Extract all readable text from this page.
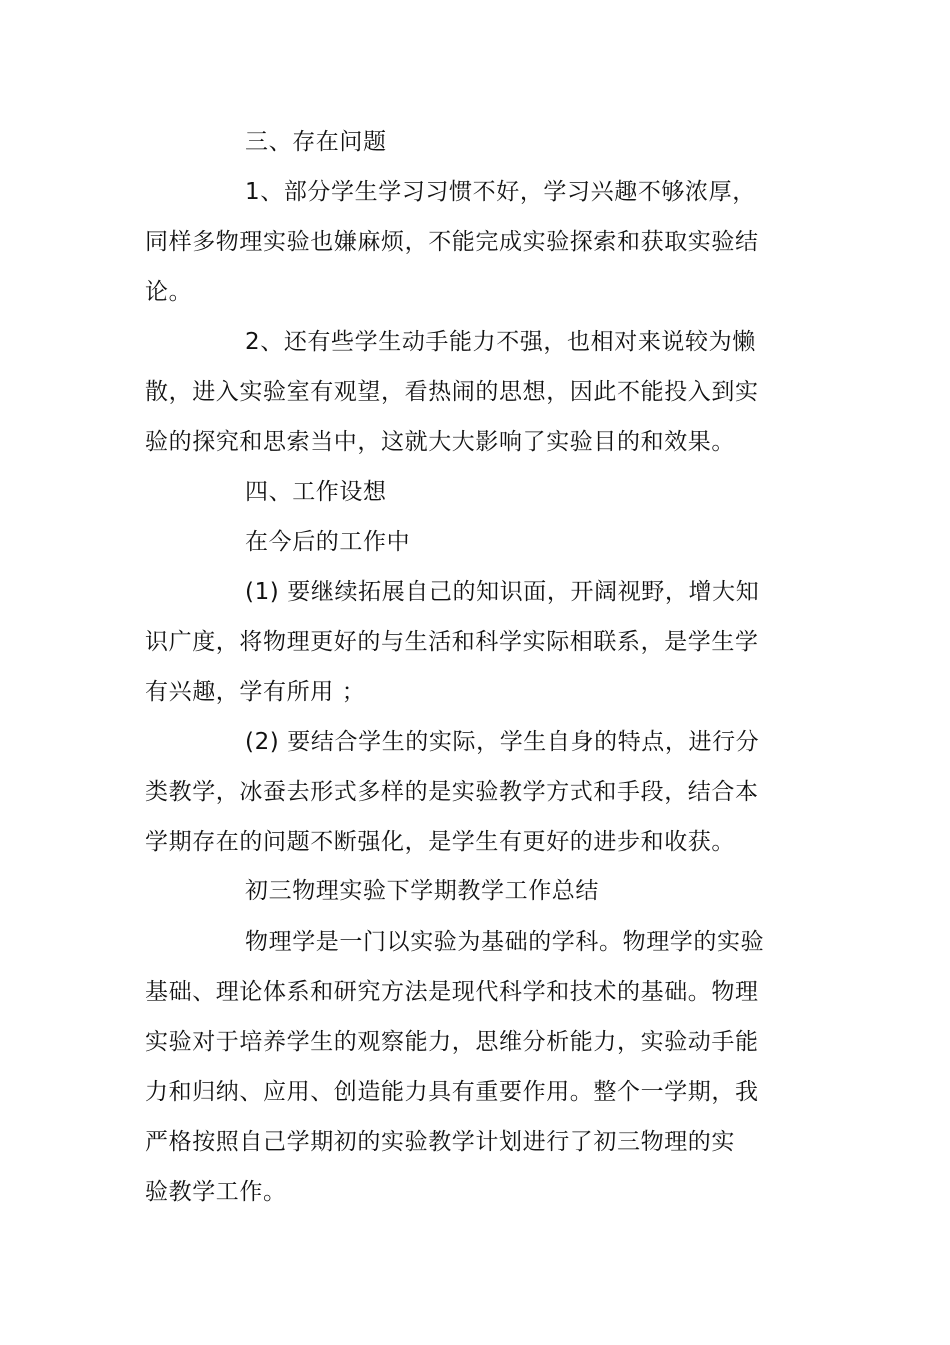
三、存在问题
1、部分学生学习习惯不好，学习兴趣不够浓厚，
同样多物理实验也嫌麻烦，不能完成实验探索和获取实验结
论。
2、还有些学生动手能力不强，也相对来说较为懒
散，进入实验室有观望，看热闹的思想，因此不能投入到实
验的探究和思索当中，这就大大影响了实验目的和效果。
四、工作设想
在今后的工作中
(1) 要继续拓展自己的知识面，开阔视野，增大知
识广度，将物理更好的与生活和科学实际相联系，是学生学
有兴趣，学有所用 ；
(2) 要结合学生的实际，学生自身的特点，进行分
类教学，冰蚕去形式多样的是实验教学方式和手段，结合本
学期存在的问题不断强化，是学生有更好的进步和收获。
初三物理实验下学期教学工作总结
物理学是一门以实验为基础的学科。物理学的实验
基础、理论体系和研究方法是现代科学和技术的基础。物理
实验对于培养学生的观察能力，思维分析能力，实验动手能
力和归纳、应用、创造能力具有重要作用。整个一学期，我
严格按照自己学期初的实验教学计划进行了初三物理的实
验教学工作。
